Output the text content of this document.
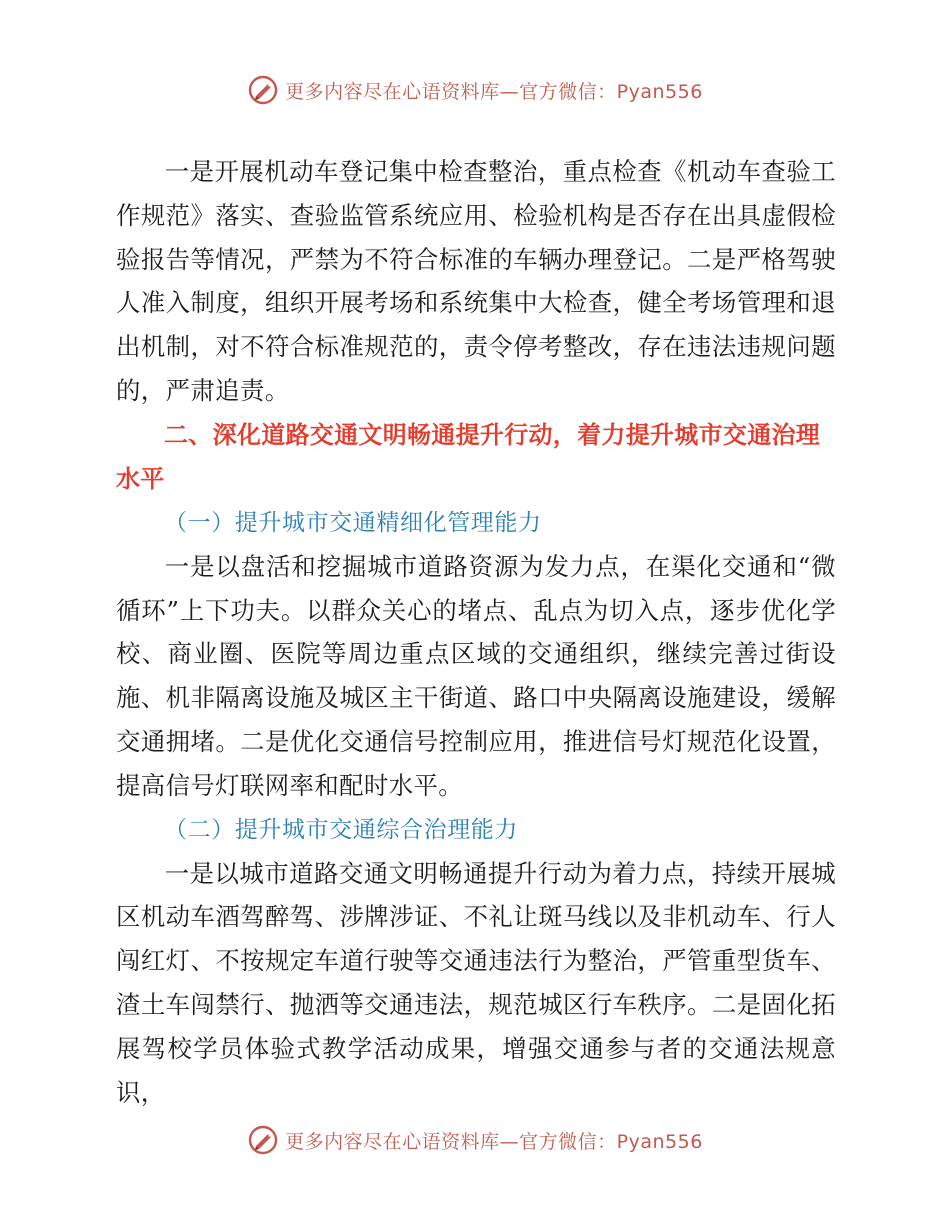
更多内容尽在心语资料库—官方微信：Pyan556

一是开展机动车登记集中检查整治，重点检查《机动车查验工作规范》落实、查验监管系统应用、检验机构是否存在出具虚假检验报告等情况，严禁为不符合标准的车辆办理登记。二是严格驾驶人准入制度，组织开展考场和系统集中大检查，健全考场管理和退出机制，对不符合标准规范的，责令停考整改，存在违法违规问题的，严肃追责。

二、深化道路交通文明畅通提升行动，着力提升城市交通治理水平

（一）提升城市交通精细化管理能力

一是以盘活和挖掘城市道路资源为发力点，在渠化交通和“微循环”上下功夫。以群众关心的堵点、乱点为切入点，逐步优化学校、商业圈、医院等周边重点区域的交通组织，继续完善过街设施、机非隔离设施及城区主干街道、路口中央隔离设施建设，缓解交通拥堵。二是优化交通信号控制应用，推进信号灯规范化设置，提高信号灯联网率和配时水平。

（二）提升城市交通综合治理能力

一是以城市道路交通文明畅通提升行动为着力点，持续开展城区机动车酒驾醉驾、涉牌涉证、不礼让斑马线以及非机动车、行人闯红灯、不按规定车道行驶等交通违法行为整治，严管重型货车、渣土车闯禁行、抛洒等交通违法，规范城区行车秩序。二是固化拓展驾校学员体验式教学活动成果，增强交通参与者的交通法规意识，

更多内容尽在心语资料库—官方微信：Pyan556
